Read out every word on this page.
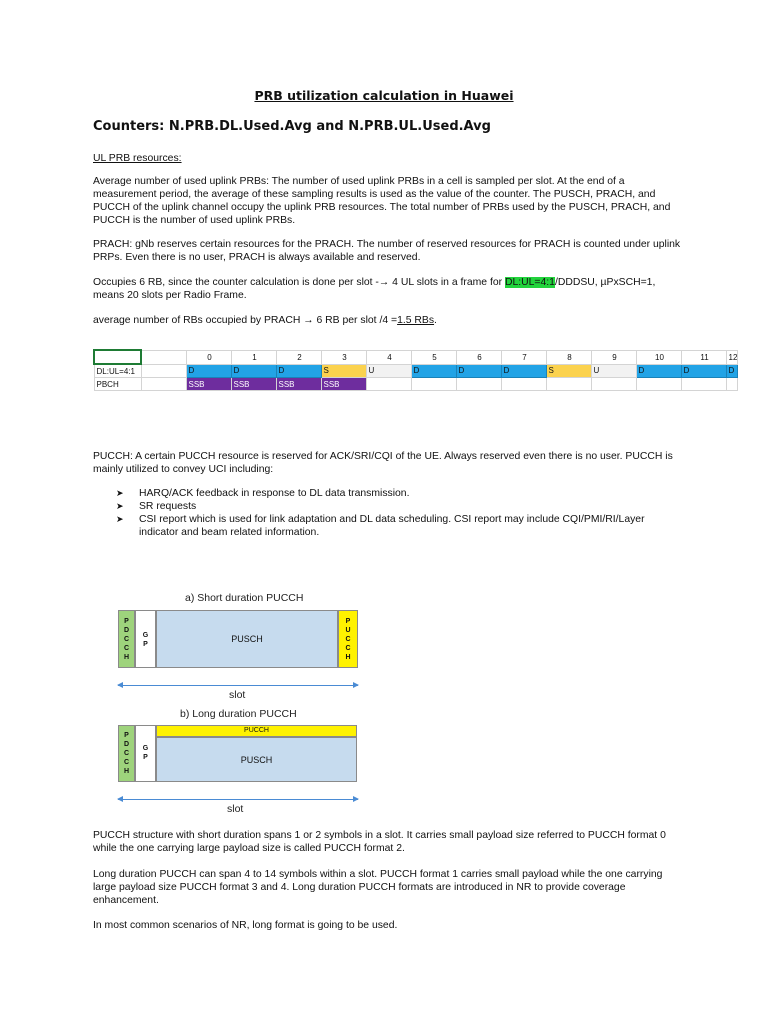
PRB utilization calculation in Huawei
Counters: N.PRB.DL.Used.Avg and N.PRB.UL.Used.Avg

UL PRB resources:

Average number of used uplink PRBs: The number of used uplink PRBs in a cell is sampled per slot. At the end of a measurement period, the average of these sampling results is used as the value of the counter. The PUSCH, PRACH, and PUCCH of the uplink channel occupy the uplink PRB resources. The total number of PRBs used by the PUSCH, PRACH, and PUCCH is the number of used uplink PRBs.

PRACH: gNb reserves certain resources for the PRACH. The number of reserved resources for PRACH is counted under uplink PRPs. Even there is no user, PRACH is always available and reserved.

Occupies 6 RB, since the counter calculation is done per slot -→ 4 UL slots in a frame for DL:UL=4:1/DDDSU, µPxSCH=1, means 20 slots per Radio Frame.

average number of RBs occupied by PRACH → 6 RB per slot /4 =1.5 RBs.

		0	1	2	3	4	5	6	7	8	9	10	11	12
DL:UL=4:1		D	D	D	S	U	D	D	D	S	U	D	D	D
PBCH		SSB	SSB	SSB	SSB									

PUCCH: A certain PUCCH resource is reserved for ACK/SRI/CQI of the UE. Always reserved even there is no user. PUCCH is mainly utilized to convey UCI including:

➤ HARQ/ACK feedback in response to DL data transmission.
➤ SR requests
➤ CSI report which is used for link adaptation and DL data scheduling. CSI report may include CQI/PMI/RI/Layer indicator and beam related information.
a) Short duration PUCCH
P
D
C
C
H
G
P
PUSCH
P
U
C
C
H
slot
b) Long duration PUCCH
P
D
C
C
H
G
P
PUCCH
PUSCH
slot

PUCCH structure with short duration spans 1 or 2 symbols in a slot. It carries small payload size referred to PUCCH format 0 while the one carrying large payload size is called PUCCH format 2.

Long duration PUCCH can span 4 to 14 symbols within a slot. PUCCH format 1 carries small payload while the one carrying large payload size PUCCH format 3 and 4. Long duration PUCCH formats are introduced in NR to provide coverage enhancement.

In most common scenarios of NR, long format is going to be used.
